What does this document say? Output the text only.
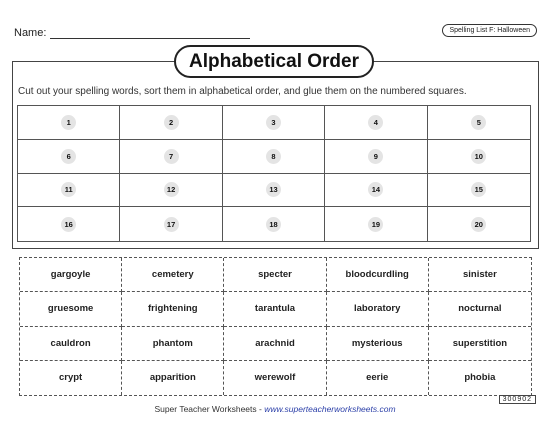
Name:	Spelling List F: Halloween
Alphabetical Order
Cut out your spelling words, sort them in alphabetical order, and glue them on the numbered squares.
1	2	3	4	5
6	7	8	9	10
11	12	13	14	15
16	17	18	19	20
gargoyle	cemetery	specter	bloodcurdling	sinister
gruesome	frightening	tarantula	laboratory	nocturnal
cauldron	phantom	arachnid	mysterious	superstition
crypt	apparition	werewolf	eerie	phobia
300902
Super Teacher Worksheets - www.superteacherworksheets.com
